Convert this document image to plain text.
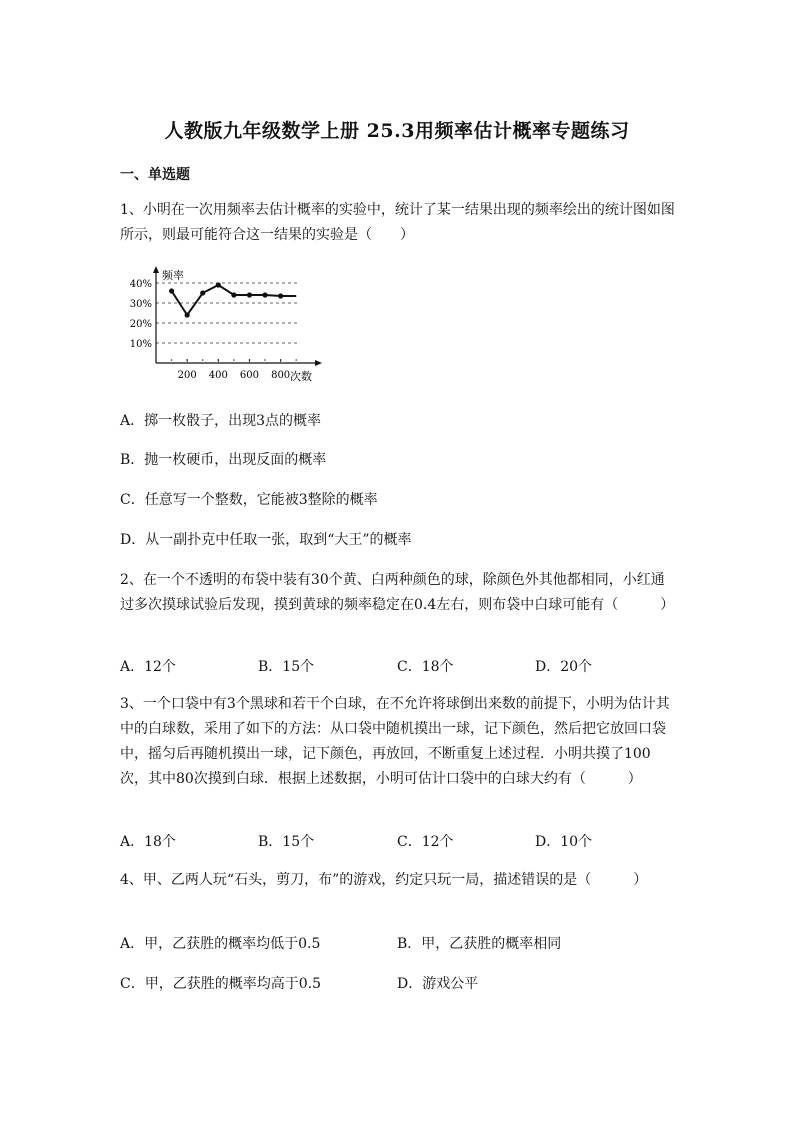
人教版九年级数学上册 25.3用频率估计概率专题练习
一、单选题
1、小明在一次用频率去估计概率的实验中，统计了某一结果出现的频率绘出的统计图如图所示，则最可能符合这一结果的实验是（　　）
10%
20%
30%
40%
200 400 600 800
频率
次数
A．掷一枚骰子，出现3点的概率
B．抛一枚硬币，出现反面的概率
C．任意写一个整数，它能被3整除的概率
D．从一副扑克中任取一张，取到“大王”的概率
2、在一个不透明的布袋中装有30个黄、白两种颜色的球，除颜色外其他都相同，小红通过多次摸球试验后发现，摸到黄球的频率稳定在0.4左右，则布袋中白球可能有（　　　）
A．12个	B．15个	C．18个	D．20个
3、一个口袋中有3个黑球和若干个白球，在不允许将球倒出来数的前提下，小明为估计其中的白球数，采用了如下的方法：从口袋中随机摸出一球，记下颜色，然后把它放回口袋中，摇匀后再随机摸出一球，记下颜色，再放回，不断重复上述过程．小明共摸了100次，其中80次摸到白球．根据上述数据，小明可估计口袋中的白球大约有（　　　）
A．18个	B．15个	C．12个	D．10个
4、甲、乙两人玩“石头，剪刀，布”的游戏，约定只玩一局，描述错误的是（　　　）
A．甲，乙获胜的概率均低于0.5	B．甲，乙获胜的概率相同
C．甲，乙获胜的概率均高于0.5	D．游戏公平
